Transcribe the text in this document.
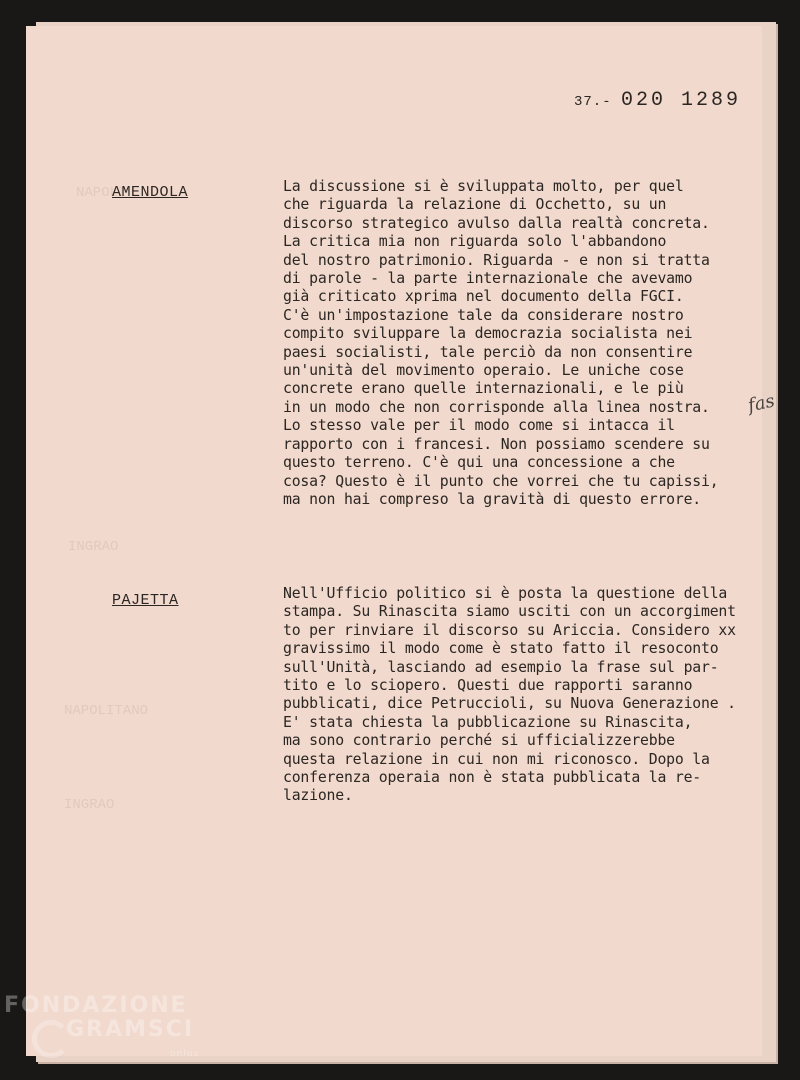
NAPOLI
INGRAO
NAPOLITANO
INGRAO
37.- 020 1289
AMENDOLA	La discussione si è sviluppata molto, per quel
che riguarda la relazione di Occhetto, su un
discorso strategico avulso dalla realtà concreta.
La critica mia non riguarda solo l'abbandono
del nostro patrimonio. Riguarda - e non si tratta
di parole - la parte internazionale che avevamo
già criticato xprima nel documento della FGCI.
C'è un'impostazione tale da considerare nostro
compito sviluppare la democrazia socialista nei
paesi socialisti, tale perciò da non consentire
un'unità del movimento operaio. Le uniche cose
concrete erano quelle internazionali, e le più
in un modo che non corrisponde alla linea nostra.
Lo stesso vale per il modo come si intacca il
rapporto con i francesi. Non possiamo scendere su
questo terreno. C'è qui una concessione a che
cosa? Questo è il punto che vorrei che tu capissi,
ma non hai compreso la gravità di questo errore.
fas
PAJETTA	Nell'Ufficio politico si è posta la questione della
stampa. Su Rinascita siamo usciti con un accorgiment
to per rinviare il discorso su Ariccia. Considero xx
gravissimo il modo come è stato fatto il resoconto
sull'Unità, lasciando ad esempio la frase sul par-
tito e lo sciopero. Questi due rapporti saranno
pubblicati, dice Petruccioli, su Nuova Generazione .
E' stata chiesta la pubblicazione su Rinascita,
ma sono contrario perché si ufficializzerebbe
questa relazione in cui non mi riconosco. Dopo la
conferenza operaia non è stata pubblicata la re-
lazione.
FONDAZIONE
GRAMSCI
onlus
